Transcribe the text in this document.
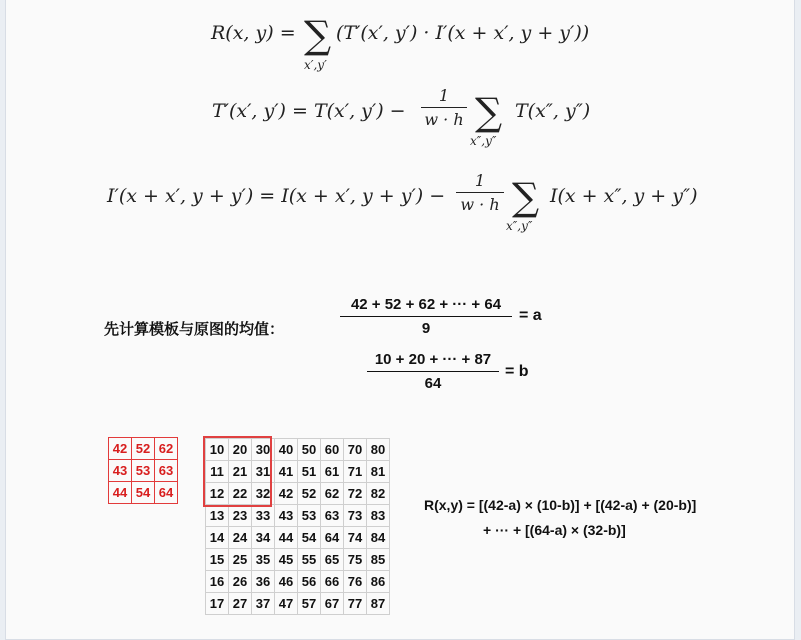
R(x, y) = ∑
x′,y′
(T′(x′, y′) · I′(x + x′, y + y′))
T′(x′, y′) = T(x′, y′) −
1
w · h ∑
x″,y″
T(x″, y″)
I′(x + x′, y + y′) = I(x + x′, y + y′) −
1
w · h ∑
x″,y″
I(x + x″, y + y″)
先计算模板与原图的均值：
42 + 52 + 62 + ··· + 64
9
= a
10 + 20 + ··· + 87
64
= b
42	52	62
43	53	63
44	54	64
10	20	30	40	50	60	70	80
11	21	31	41	51	61	71	81
12	22	32	42	52	62	72	82
13	23	33	43	53	63	73	83
14	24	34	44	54	64	74	84
15	25	35	45	55	65	75	85
16	26	36	46	56	66	76	86
17	27	37	47	57	67	77	87
R(x,y) = [(42-a) × (10-b)] + [(42-a) + (20-b)]
+ ··· + [(64-a) × (32-b)]
